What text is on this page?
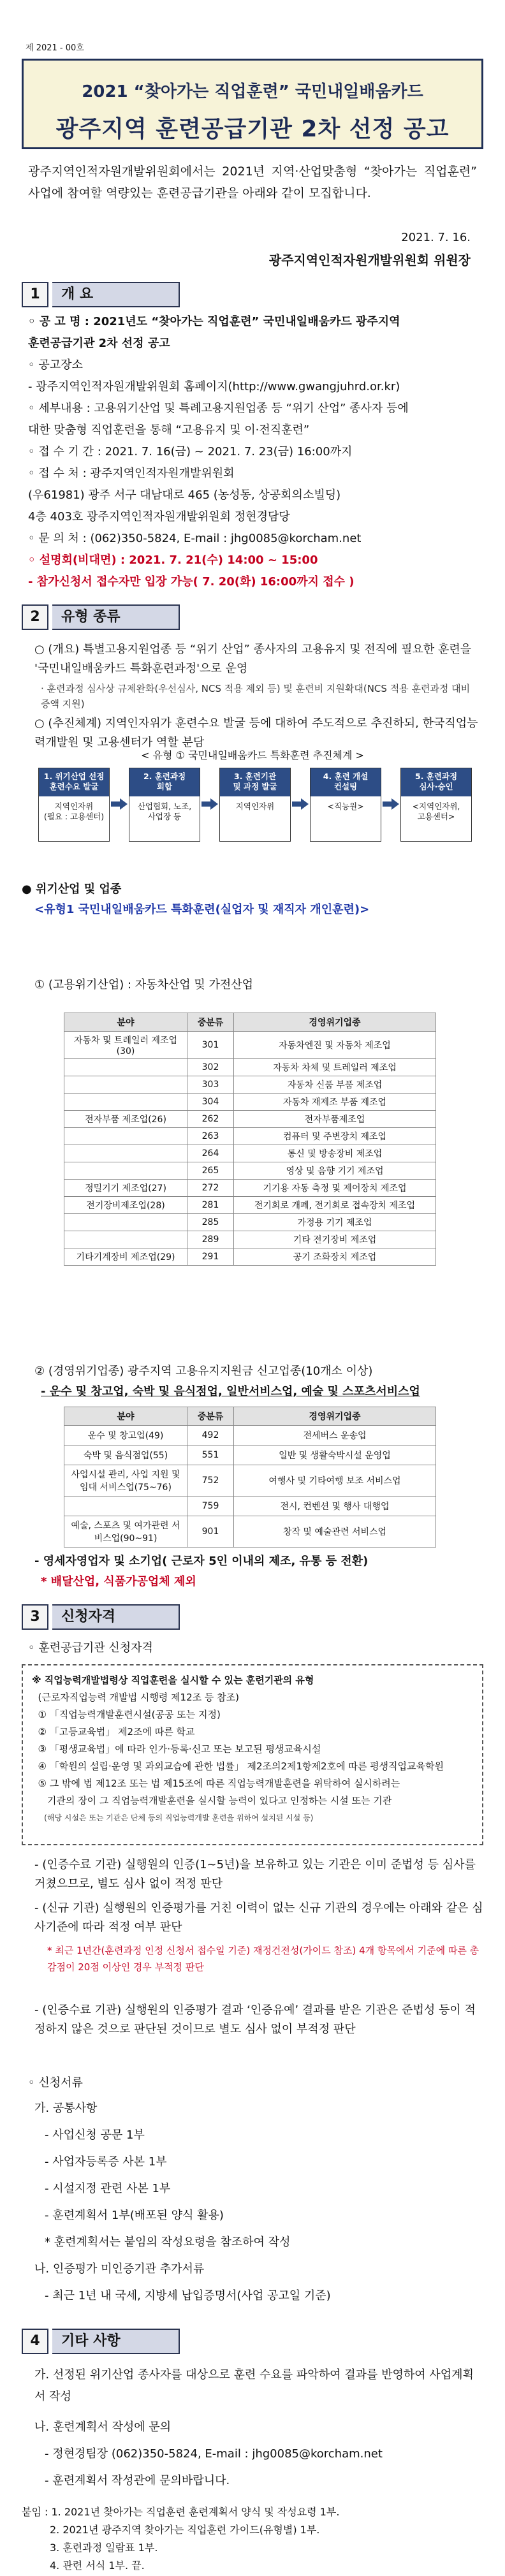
제 2021 - 00호
2021 “찾아가는 직업훈련” 국민내일배움카드
광주지역 훈련공급기관 2차 선정 공고
광주지역인적자원개발위원회에서는 2021년 지역·산업맞춤형 “찾아가는 직업훈련” 사업에 참여할 역량있는 훈련공급기관을 아래와 같이 모집합니다.
2021. 7. 16.
광주지역인적자원개발위원회 위원장
1	개 요
2	유형 종류
○ (개요) 특별고용지원업종 등 “위기 산업” 종사자의 고용유지 및 전직에 필요한 훈련을 '국민내일배움카드 특화훈련과정'으로 운영
· 훈련과정 심사상 규제완화(우선심사, NCS 적용 제외 등) 및 훈련비 지원확대(NCS 적용 훈련과정 대비 증액 지원)
○ (추진체계) 지역인자위가 훈련수요 발굴 등에 대하여 주도적으로 추진하되, 한국직업능력개발원 및 고용센터가 역할 분담
< 유형 ① 국민내일배움카드 특화훈련 추진체계 >
1. 위기산업 선정
훈련수요 발굴
지역인자위
(필요 : 고용센터)
2. 훈련과정
회합
산업협회, 노조,
사업장 등
3. 훈련기관
및 과정 발굴
지역인자위
4. 훈련 개설
컨설팅
<직능원>
5. 훈련과정
심사·승인
<지역인자위,
고용센터>
● 위기산업 및 업종
<유형1 국민내일배움카드 특화훈련(실업자 및 재직자 개인훈련)>
① (고용위기산업) : 자동차산업 및 가전산업
분야	중분류	경영위기업종
자동차 및 트레일러 제조업(30)	301	자동차엔진 및 자동차 제조업
	302	자동차 차체 및 트레일러 제조업
	303	자동차 신품 부품 제조업
	304	자동차 재제조 부품 제조업
전자부품 제조업(26)	262	전자부품제조업
	263	컴퓨터 및 주변장치 제조업
	264	통신 및 방송장비 제조업
	265	영상 및 음향 기기 제조업
정밀기기 제조업(27)	272	기기용 자동 측정 및 제어장치 제조업
전기장비제조업(28)	281	전기회로 개폐, 전기회로 접속장치 제조업
	285	가정용 기기 제조업
	289	기타 전기장비 제조업
기타기계장비 제조업(29)	291	공기 조화장치 제조업
② (경영위기업종) 광주지역 고용유지지원금 신고업종(10개소 이상)
- 운수 및 창고업, 숙박 및 음식점업, 일반서비스업, 예술 및 스포츠서비스업
분야	중분류	경영위기업종
운수 및 창고업(49)	492	전세버스 운송업
숙박 및 음식점업(55)	551	일반 및 생활숙박시설 운영업
사업시설 관리, 사업 지원 및 임대 서비스업(75~76)	752	여행사 및 기타여행 보조 서비스업
	759	전시, 컨벤션 및 행사 대행업
예술, 스포츠 및 여가관련 서비스업(90~91)	901	창작 및 예술관련 서비스업
- 영세자영업자 및 소기업( 근로자 5인 이내의 제조, 유통 등 전환)
* 배달산업, 식품가공업체 제외
3	신청자격
◦ 훈련공급기관 신청자격
※ 직업능력개발법령상 직업훈련을 실시할 수 있는 훈련기관의 유형
(근로자직업능력 개발법 시행령 제12조 등 참조)
① 「직업능력개발훈련시설(공공 또는 지정)
② 「고등교육법」 제2조에 따른 학교
③ 「평생교육법」에 따라 인가·등록·신고 또는 보고된 평생교육시설
④ 「학원의 설립·운영 및 과외교습에 관한 법률」 제2조의2제1항제2호에 따른 평생직업교육학원
⑤ 그 밖에 법 제12조 또는 법 제15조에 따른 직업능력개발훈련을 위탁하여 실시하려는
기관의 장이 그 직업능력개발훈련을 실시할 능력이 있다고 인정하는 시설 또는 기관
(해당 시설은 또는 기관은 단체 등의 직업능력개발 훈련을 위하여 설치된 시설 등)
◦ 신청서류
4	기타 사항
◦ 공 고 명 : 2021년도 “찾아가는 직업훈련” 국민내일배움카드 광주지역
훈련공급기관 2차 선정 공고
◦ 공고장소
- 광주지역인적자원개발위원회 홈페이지(http://www.gwangjuhrd.or.kr)
◦ 세부내용 : 고용위기산업 및 특례고용지원업종 등 “위기 산업” 종사자 등에
대한 맞춤형 직업훈련을 통해 “고용유지 및 이·전직훈련”
◦ 접 수 기 간 : 2021. 7. 16(금) ~ 2021. 7. 23(금) 16:00까지
◦ 접 수 처 : 광주지역인적자원개발위원회
(우61981) 광주 서구 대남대로 465 (농성동, 상공회의소빌딩)
4층 403호 광주지역인적자원개발위원회 정현경담당
◦ 문 의 처 : (062)350-5824, E-mail : jhg0085@korcham.net
◦ 설명회(비대면) : 2021. 7. 21(수) 14:00 ~ 15:00
- 참가신청서 접수자만 입장 가능( 7. 20(화) 16:00까지 접수 )
- (인증수료 기관) 실행원의 인증(1~5년)을 보유하고 있는 기관은 이미 준법성 등 심사를 거쳤으므로, 별도 심사 없이 적정 판단
- (신규 기관) 실행원의 인증평가를 거친 이력이 없는 신규 기관의 경우에는 아래와 같은 심사기준에 따라 적정 여부 판단
* 최근 1년간(훈련과정 인정 신청서 접수일 기준) 재정건전성(가이드 참조) 4개 항목에서 기준에 따른 총 감점이 20점 이상인 경우 부적정 판단
- (인증수료 기관) 실행원의 인증평가 결과 ‘인증유예’ 결과를 받은 기관은 준법성 등이 적정하지 않은 것으로 판단된 것이므로 별도 심사 없이 부적정 판단
가. 공통사항
- 사업신청 공문 1부
- 사업자등록증 사본 1부
- 시설지정 관련 사본 1부
- 훈련계획서 1부(배포된 양식 활용)
* 훈련계획서는 붙임의 작성요령을 참조하여 작성
나. 인증평가 미인증기관 추가서류
- 최근 1년 내 국세, 지방세 납입증명서(사업 공고일 기준)
가. 선정된 위기산업 종사자를 대상으로 훈련 수요를 파악하여 결과를 반영하여 사업계획서 작성
나. 훈련계획서 작성에 문의
- 정현경팀장 (062)350-5824, E-mail : jhg0085@korcham.net
- 훈련계획서 작성관에 문의바랍니다.
붙임 : 1. 2021년 찾아가는 직업훈련 훈련계획서 양식 및 작성요령 1부.
2. 2021년 광주지역 찾아가는 직업훈련 가이드(유형별) 1부.
3. 훈련과정 일람표 1부.
4. 관련 서식 1부. 끝.
